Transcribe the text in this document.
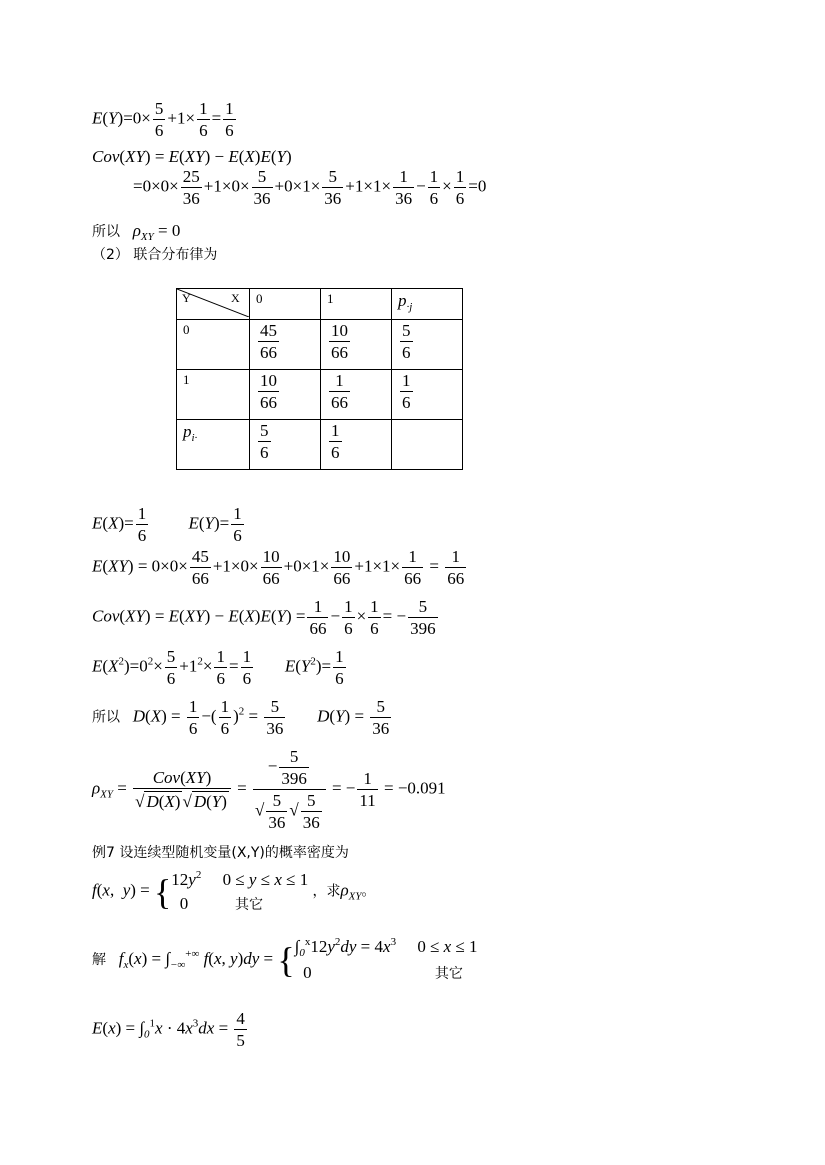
$E(Y)=0\times \frac{5}{6} +1\times \frac{1}{6} = \frac{1}{6}$
Cov(XY) = E(XY) − E(X)E(Y)
$=0\times 0\times \frac{25}{36} +1\times 0\times \frac{5}{36} +0\times 1\times \frac{5}{36} +1\times 1\times \frac{1}{36} - \frac{1}{6} \times \frac{1}{6} =0$
所以 $\rho_{XY} = 0$
（2） 联合分布律为
Y X	0	1	$p_{\cdot j}$
0	$\frac{45}{66}$	$\frac{10}{66}$	$\frac{5}{6}$

1	$\frac{10}{66}$	$\frac{1}{66}$	$\frac{1}{6}$

$p_{i\cdot}$	$\frac{5}{6}$	$\frac{1}{6}$

$E(X)= \frac{1}{6} E(Y)= \frac{1}{6}$
$E(XY) = 0\times 0\times \frac{45}{66} +1\times 0\times \frac{10}{66} +0\times 1\times \frac{10}{66} +1\times 1\times \frac{1}{66} = \frac{1}{66}$
$Cov(XY) = E(XY) - E(X)E(Y) = \frac{1}{66} - \frac{1}{6} \times \frac{1}{6}$ = − $\frac{5}{396}$
$E(X^2)=0^2\times \frac{5}{6} +1^2\times \frac{1}{6} = \frac{1}{6} E(Y^2)= \frac{1}{6}$
所以 $D(X) = \frac{1}{6}$ −( $\frac{1}{6} )^2 = \frac{5}{36} D(Y) = \frac{5}{36}$
$\rho_{XY} = \frac{\text{Cov(XY)}}{√ D(X) √ D(Y)} = \frac{- \frac{5}{396}}{√ \frac{5}{36} √ \frac{5}{36}}$ = − $\frac{1}{11} = -0.091$
例7 设连续型随机变量(X,Y)的概率密度为
f(x,  $y) = \{12y^2$     0 ≤ y ≤ x ≤ 1
0           其它 ，求$\rho_{XY}$。
解 $f_x(x) = \int_{-\infty}^{+\infty}$ f(x, $y)dy = \{\int_0^x12y^2dy = 4x^3$     0 ≤ x ≤ 1
0                             其它
$E(x) = \int_0^1x \cdot 4x^3dx = \frac{4}{5}$
